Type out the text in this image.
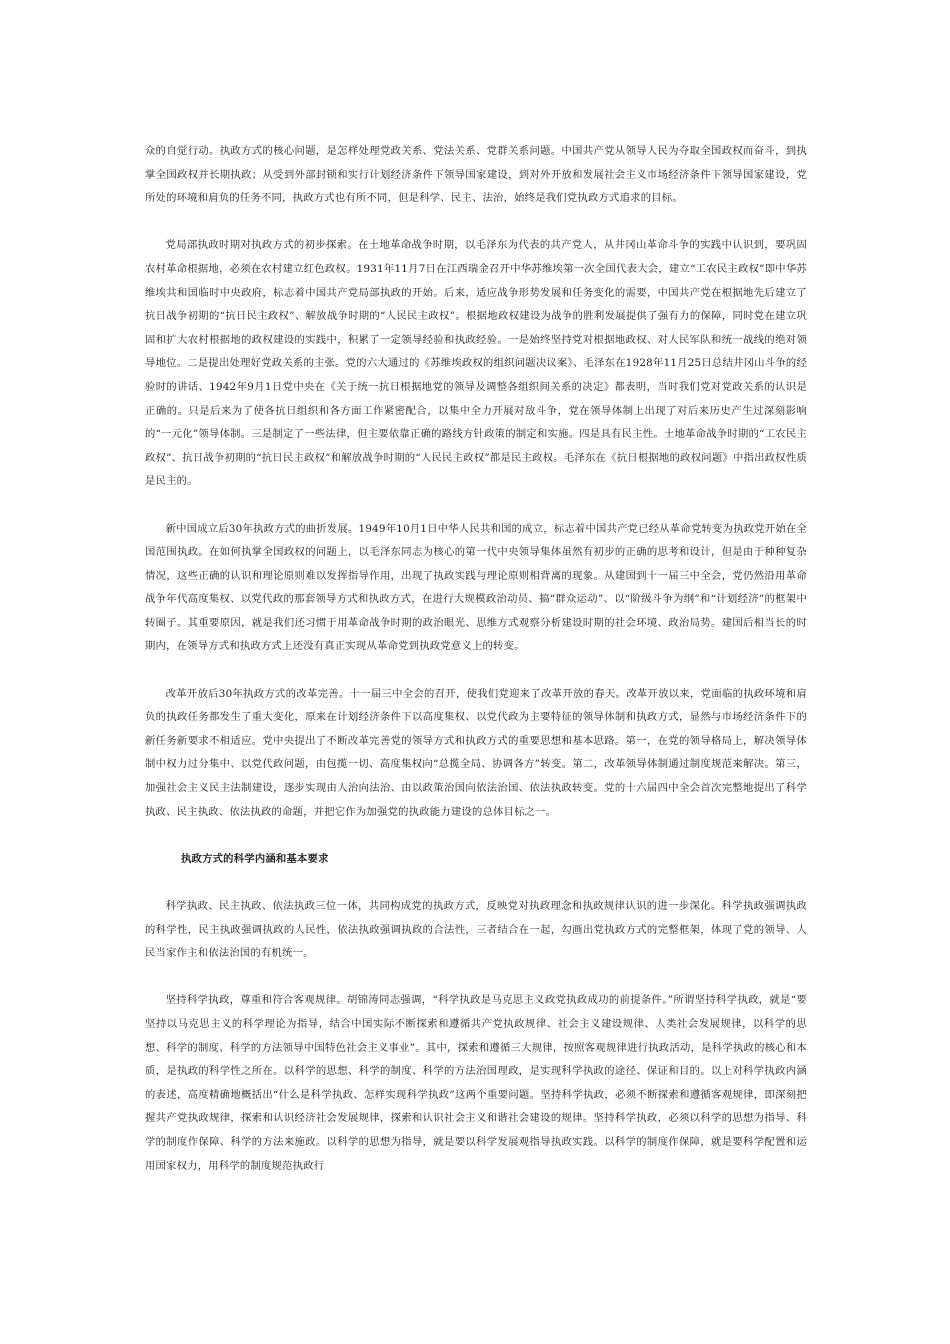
众的自觉行动。执政方式的核心问题，是怎样处理党政关系、党法关系、党群关系问题。中国共产党从领导人民为夺取全国政权而奋斗，到执掌全国政权并长期执政；从受到外部封锁和实行计划经济条件下领导国家建设，到对外开放和发展社会主义市场经济条件下领导国家建设，党所处的环境和肩负的任务不同，执政方式也有所不同，但是科学、民主、法治，始终是我们党执政方式追求的目标。

党局部执政时期对执政方式的初步探索。在土地革命战争时期，以毛泽东为代表的共产党人，从井冈山革命斗争的实践中认识到，要巩固农村革命根据地，必须在农村建立红色政权。1931年11月7日在江西瑞金召开中华苏维埃第一次全国代表大会，建立“工农民主政权”即中华苏维埃共和国临时中央政府，标志着中国共产党局部执政的开始。后来，适应战争形势发展和任务变化的需要，中国共产党在根据地先后建立了抗日战争初期的“抗日民主政权”、解放战争时期的“人民民主政权”。根据地政权建设为战争的胜利发展提供了强有力的保障，同时党在建立巩固和扩大农村根据地的政权建设的实践中，积累了一定领导经验和执政经验。一是始终坚持党对根据地政权、对人民军队和统一战线的绝对领导地位。二是提出处理好党政关系的主张。党的六大通过的《苏维埃政权的组织问题决议案》、毛泽东在1928年11月25日总结井冈山斗争的经验时的讲话、1942年9月1日党中央在《关于统一抗日根据地党的领导及调整各组织间关系的决定》都表明，当时我们党对党政关系的认识是正确的。只是后来为了使各抗日组织和各方面工作紧密配合，以集中全力开展对敌斗争，党在领导体制上出现了对后来历史产生过深刻影响的“一元化”领导体制。三是制定了一些法律，但主要依靠正确的路线方针政策的制定和实施。四是具有民主性。土地革命战争时期的“工农民主政权”、抗日战争初期的“抗日民主政权”和解放战争时期的“人民民主政权”都是民主政权。毛泽东在《抗日根据地的政权问题》中指出政权性质是民主的。

新中国成立后30年执政方式的曲折发展。1949年10月1日中华人民共和国的成立，标志着中国共产党已经从革命党转变为执政党开始在全国范围执政。在如何执掌全国政权的问题上，以毛泽东同志为核心的第一代中央领导集体虽然有初步的正确的思考和设计，但是由于种种复杂情况，这些正确的认识和理论原则难以发挥指导作用，出现了执政实践与理论原则相背离的现象。从建国到十一届三中全会，党仍然沿用革命战争年代高度集权、以党代政的那套领导方式和执政方式，在进行大规模政治动员、搞“群众运动”、以“阶级斗争为纲”和“计划经济”的框架中转圈子。其重要原因，就是我们还习惯于用革命战争时期的政治眼光、思维方式观察分析建设时期的社会环境、政治局势。建国后相当长的时期内，在领导方式和执政方式上还没有真正实现从革命党到执政党意义上的转变。

改革开放后30年执政方式的改革完善。十一届三中全会的召开，使我们党迎来了改革开放的春天。改革开放以来，党面临的执政环境和肩负的执政任务都发生了重大变化，原来在计划经济条件下以高度集权、以党代政为主要特征的领导体制和执政方式，显然与市场经济条件下的新任务新要求不相适应。党中央提出了不断改革完善党的领导方式和执政方式的重要思想和基本思路。第一，在党的领导格局上，解决领导体制中权力过分集中、以党代政问题，由包揽一切、高度集权向“总揽全局、协调各方”转变。第二，改革领导体制通过制度规范来解决。第三，加强社会主义民主法制建设，逐步实现由人治向法治、由以政策治国向依法治国、依法执政转变。党的十六届四中全会首次完整地提出了科学执政、民主执政、依法执政的命题，并把它作为加强党的执政能力建设的总体目标之一。

执政方式的科学内涵和基本要求

科学执政、民主执政、依法执政三位一体，共同构成党的执政方式，反映党对执政理念和执政规律认识的进一步深化。科学执政强调执政的科学性，民主执政强调执政的人民性，依法执政强调执政的合法性，三者结合在一起，勾画出党执政方式的完整框架，体现了党的领导、人民当家作主和依法治国的有机统一。

坚持科学执政，尊重和符合客观规律。胡锦涛同志强调，“科学执政是马克思主义政党执政成功的前提条件。”所谓坚持科学执政，就是“要坚持以马克思主义的科学理论为指导，结合中国实际不断探索和遵循共产党执政规律、社会主义建设规律、人类社会发展规律，以科学的思想、科学的制度、科学的方法领导中国特色社会主义事业”。其中，探索和遵循三大规律，按照客观规律进行执政活动，是科学执政的核心和本质，是执政的科学性之所在。以科学的思想、科学的制度、科学的方法治国理政，是实现科学执政的途径、保证和目的。以上对科学执政内涵的表述，高度精确地概括出“什么是科学执政、怎样实现科学执政”这两个重要问题。坚持科学执政，必须不断探索和遵循客观规律，即深刻把握共产党执政规律，探索和认识经济社会发展规律，探索和认识社会主义和谐社会建设的规律。坚持科学执政，必须以科学的思想为指导、科学的制度作保障、科学的方法来施政。以科学的思想为指导，就是要以科学发展观指导执政实践。以科学的制度作保障，就是要科学配置和运用国家权力，用科学的制度规范执政行
